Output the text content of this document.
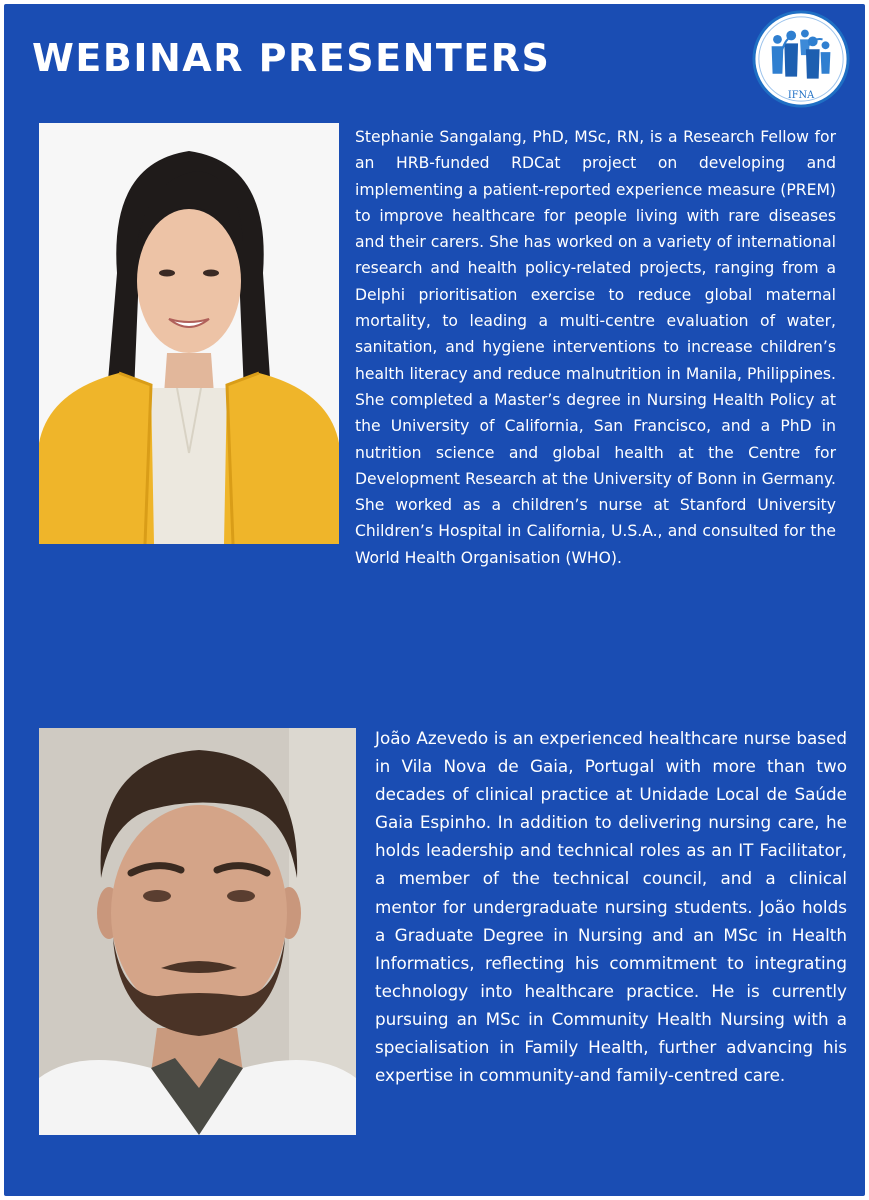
WEBINAR PRESENTERS
IFNA

Stephanie Sangalang, PhD, MSc, RN, is a Research Fellow for an HRB-funded RDCat project on developing and implementing a patient-reported experience measure (PREM) to improve healthcare for people living with rare diseases and their carers. She has worked on a variety of international research and health policy-related projects, ranging from a Delphi prioritisation exercise to reduce global maternal mortality, to leading a multi-centre evaluation of water, sanitation, and hygiene interventions to increase children’s health literacy and reduce malnutrition in Manila, Philippines. She completed a Master’s degree in Nursing Health Policy at the University of California, San Francisco, and a PhD in nutrition science and global health at the Centre for Development Research at the University of Bonn in Germany. She worked as a children’s nurse at Stanford University Children’s Hospital in California, U.S.A., and consulted for the World Health Organisation (WHO).

João Azevedo is an experienced healthcare nurse based in Vila Nova de Gaia, Portugal with more than two decades of clinical practice at Unidade Local de Saúde Gaia Espinho. In addition to delivering nursing care, he holds leadership and technical roles as an IT Facilitator, a member of the technical council, and a clinical mentor for undergraduate nursing students. João holds a Graduate Degree in Nursing and an MSc in Health Informatics, reflecting his commitment to integrating technology into healthcare practice. He is currently pursuing an MSc in Community Health Nursing with a specialisation in Family Health, further advancing his expertise in community-and family-centred care.
